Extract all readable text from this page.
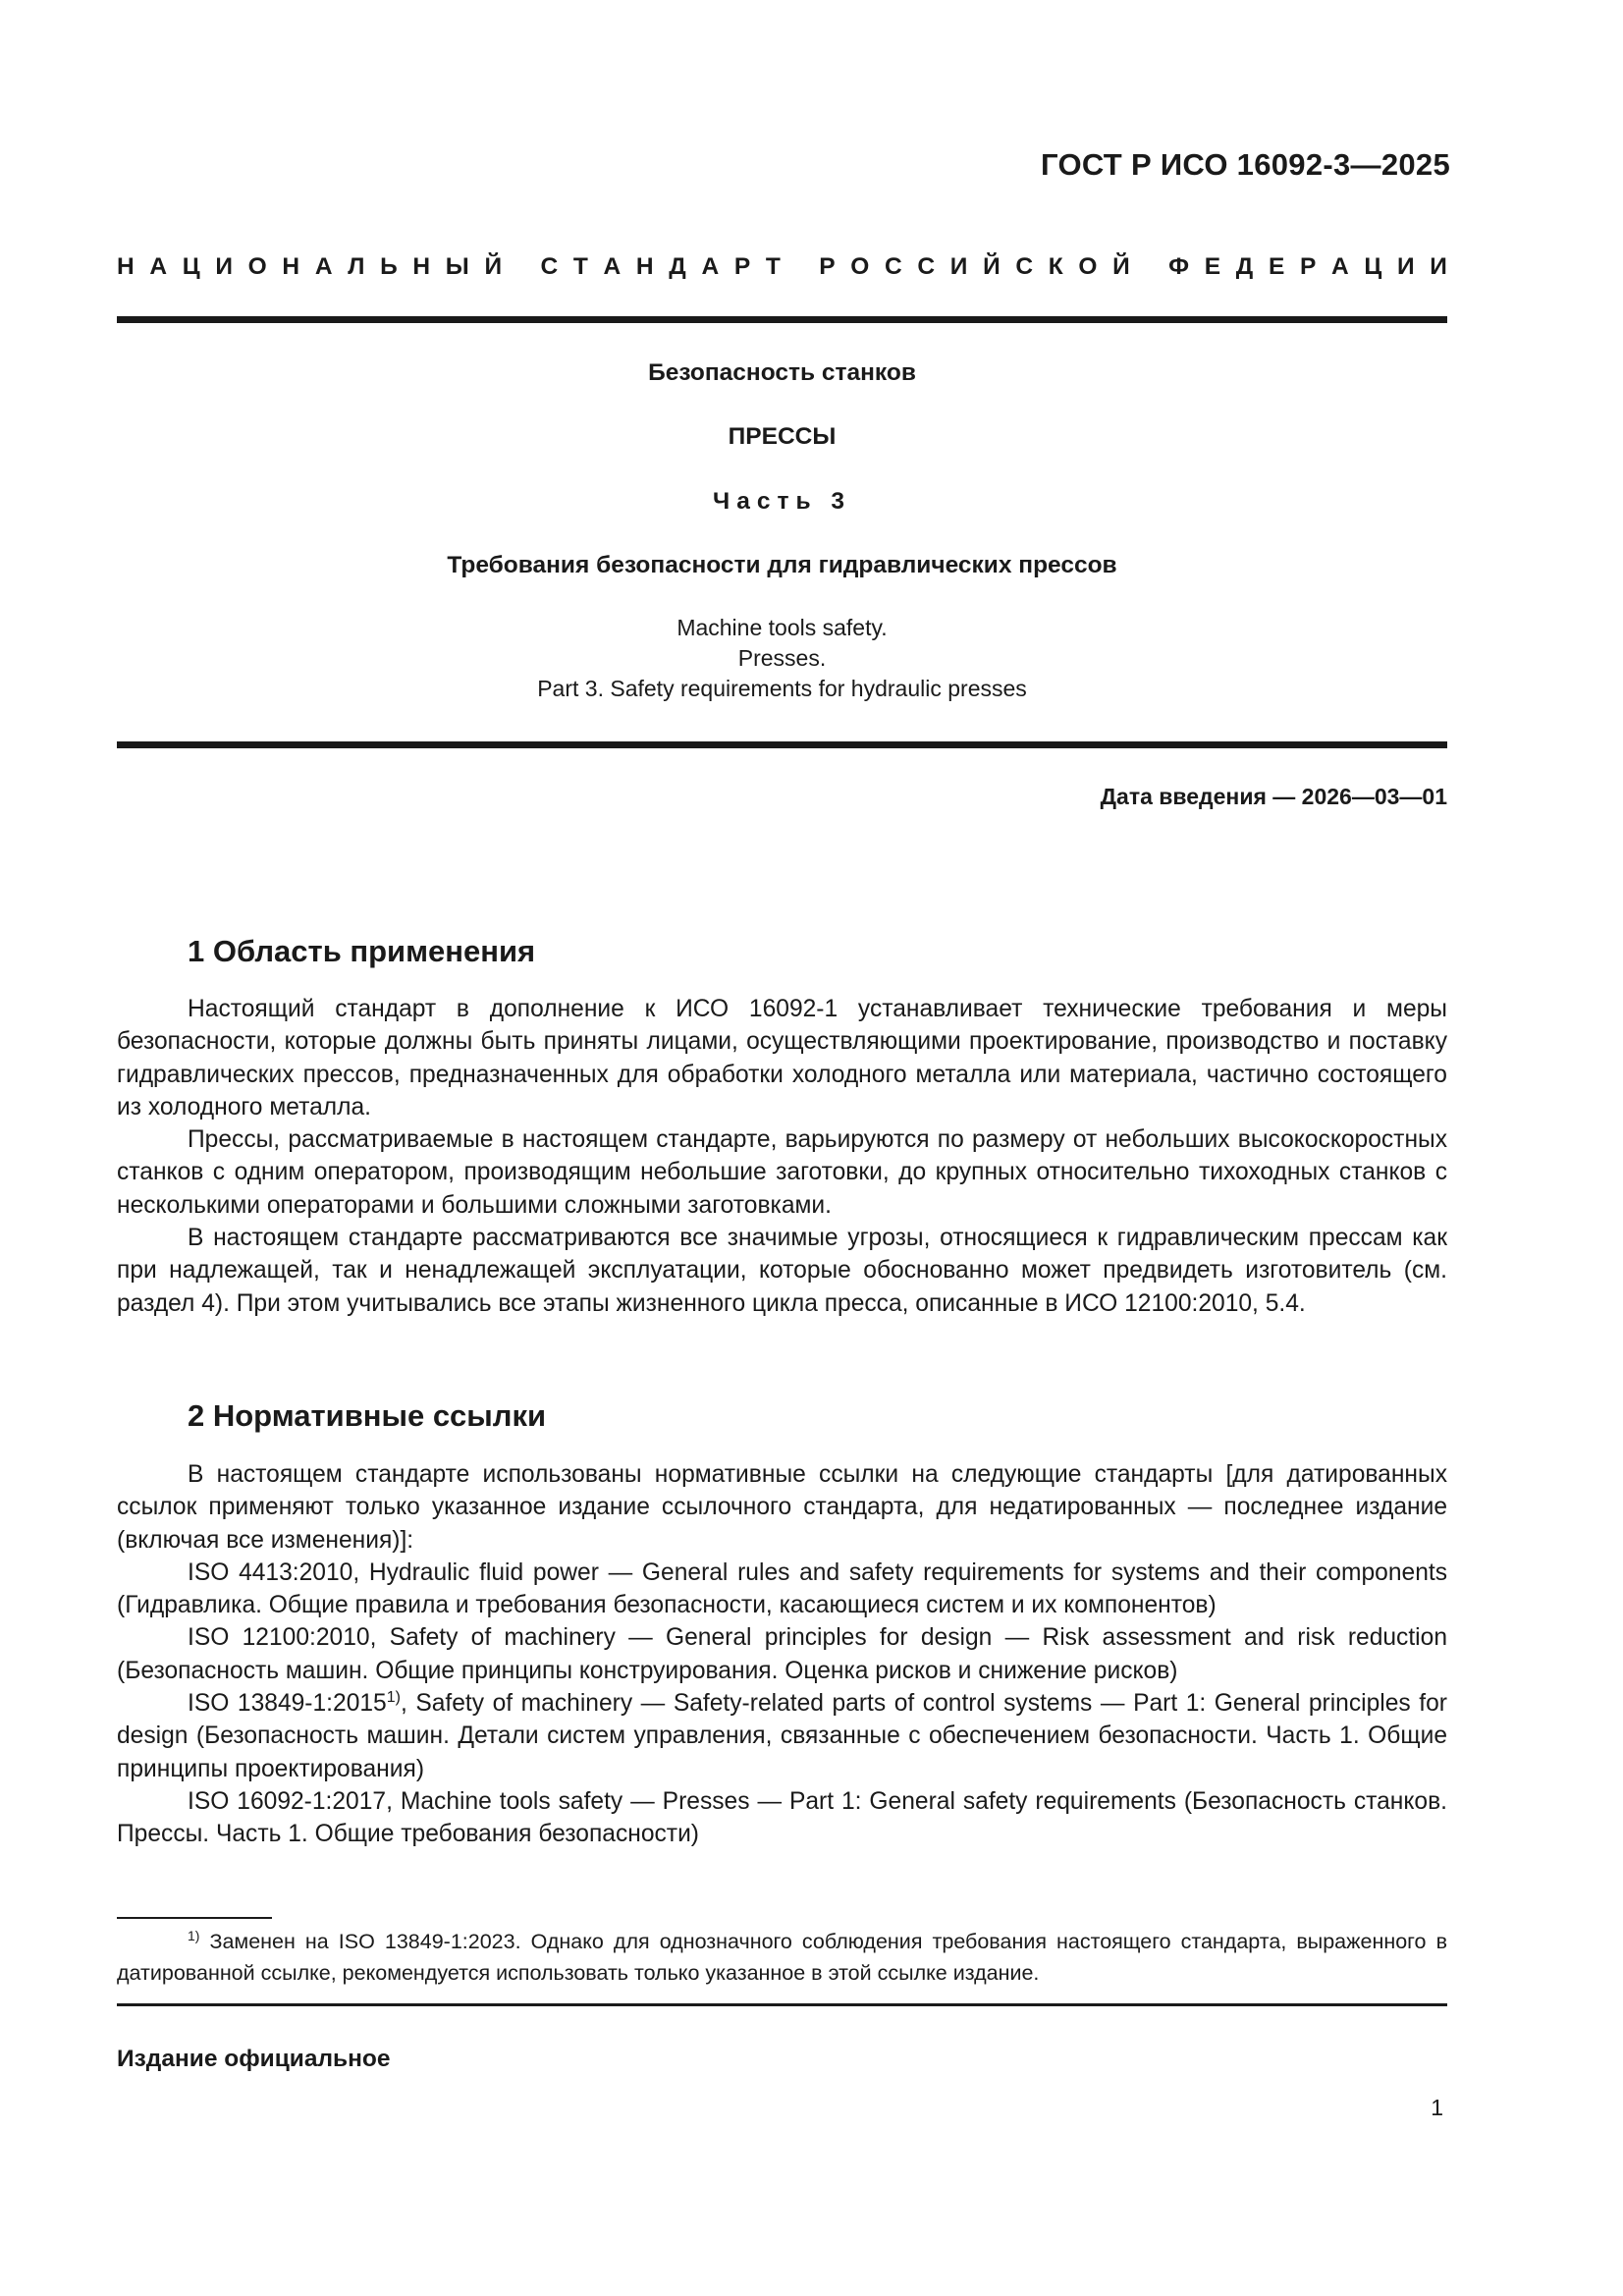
ГОСТ Р ИСО 16092-3—2025
Н А Ц И О Н А Л Ь Н Ы Й
С Т А Н Д А Р Т
Р О С С И Й С К О Й
Ф Е Д Е Р А Ц И И
Безопасность станков
ПРЕССЫ
Часть 3
Требования безопасности для гидравлических прессов
Machine tools safety.
Presses.
Part 3. Safety requirements for hydraulic presses
Дата введения — 2026—03—01
1 Область применения

Настоящий стандарт в дополнение к ИСО 16092-1 устанавливает технические требования и меры безопасности, которые должны быть приняты лицами, осуществляющими проектирование, производство и поставку гидравлических прессов, предназначенных для обработки холодного металла или материала, частично состоящего из холодного металла.

Прессы, рассматриваемые в настоящем стандарте, варьируются по размеру от небольших высокоскоростных станков с одним оператором, производящим небольшие заготовки, до крупных относительно тихоходных станков с несколькими операторами и большими сложными заготовками.

В настоящем стандарте рассматриваются все значимые угрозы, относящиеся к гидравлическим прессам как при надлежащей, так и ненадлежащей эксплуатации, которые обоснованно может предвидеть изготовитель (см. раздел 4). При этом учитывались все этапы жизненного цикла пресса, описанные в ИСО 12100:2010, 5.4.

2 Нормативные ссылки

В настоящем стандарте использованы нормативные ссылки на следующие стандарты [для датированных ссылок применяют только указанное издание ссылочного стандарта, для недатированных — последнее издание (включая все изменения)]:

ISO 4413:2010, Hydraulic fluid power — General rules and safety requirements for systems and their components (Гидравлика. Общие правила и требования безопасности, касающиеся систем и их компонентов)

ISO 12100:2010, Safety of machinery — General principles for design — Risk assessment and risk reduction (Безопасность машин. Общие принципы конструирования. Оценка рисков и снижение рисков)

ISO 13849-1:2015$^{1)}$, Safety of machinery — Safety-related parts of control systems — Part 1: General principles for design (Безопасность машин. Детали систем управления, связанные с обеспечением безопасности. Часть 1. Общие принципы проектирования)

ISO 16092-1:2017, Machine tools safety — Presses — Part 1: General safety requirements (Безопасность станков. Прессы. Часть 1. Общие требования безопасности)

$^{1)}$ Заменен на ISO 13849-1:2023. Однако для однозначного соблюдения требования настоящего стандарта, выраженного в датированной ссылке, рекомендуется использовать только указанное в этой ссылке издание.

Издание официальное
1
